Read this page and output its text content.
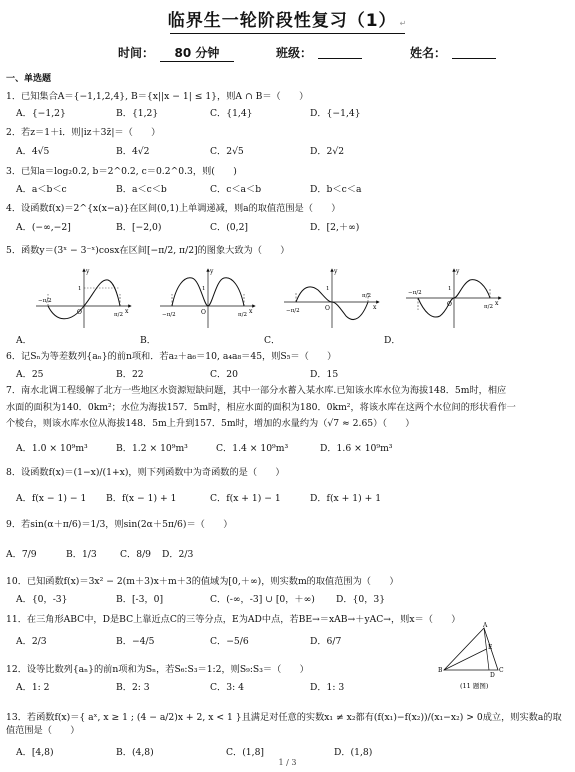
临界生一轮阶段性复习（1） ↵
时间：	80 分钟	班级：
	姓名：

一、单选题
1．已知集合A＝{−1,1,2,4}, B＝{x||x − 1| ≤ 1}，则A ∩ B＝（　　）
A．{−1,2}	B．{1,2}	C．{1,4}	D．{−1,4}
2．若z＝1＋i．则|iz＋3z̄|＝（　　）
A．4√5	B．4√2	C．2√5	D．2√2
3．已知a＝log₂0.2, b＝2^0.2, c＝0.2^0.3，则(　　)
A．a＜b＜c	B．a＜c＜b	C．c＜a＜b	D．b＜c＜a
4．设函数f(x)＝2^{x(x−a)}在区间(0,1)上单调递减，则a的取值范围是（　　）
A．(−∞,−2]	B．[−2,0)	C．(0,2]	D．[2,＋∞)
5．函数y＝(3ˣ − 3⁻ˣ)cosx在区间[−π/2, π/2]的图象大致为（　　）
y
x
O
−π/2
π/2
1
y
x
O
−π/2	π/2
1
y
x
O
−π/2
π/2
1
y
x
O
−π/2
π/2
1
A．	B．	C．	D．
6．记Sₙ为等差数列{aₙ}的前n项和．若a₂＋a₆＝10, a₄a₈＝45，则S₅＝（　　）
A．25	B．22	C．20	D．15
7．南水北调工程缓解了北方一些地区水资源短缺问题，其中一部分水蓄入某水库.已知该水库水位为海拔148．5m时，相应
水面的面积为140．0km²；水位为海拔157．5m时，相应水面的面积为180．0km²，将该水库在这两个水位间的形状看作一
个棱台，则该水库水位从海拔148．5m上升到157．5m时，增加的水量约为（√7 ≈ 2.65）（　　）
A．1.0 × 10⁹m³	B．1.2 × 10⁹m³	C．1.4 × 10⁹m³	D．1.6 × 10⁹m³
8．设函数f(x)＝(1−x)/(1+x)，则下列函数中为奇函数的是（　　）
A．f(x − 1) − 1 B．f(x − 1) + 1	C．f(x + 1) − 1	D．f(x + 1) + 1
9．若sin(α＋π/6)＝1/3，则sin(2α＋5π/6)＝（　　）
A．7/9	B．1/3	C．8/9 D．2/3
10．已知函数f(x)＝3x² − 2(m＋3)x＋m＋3的值域为[0,＋∞)，则实数m的取值范围为（　　）
A．{0，-3}	B．[-3，0]	C．(-∞，-3] ∪ [0，＋∞) D．{0，3}
11．在三角形ABC中，D是BC上靠近点C的三等分点，E为AD中点，若BE→＝xAB→＋yAC→，则x＝（　　）
A．2/3	B．−4/5	C．−5/6	D．6/7
A
B	C
D
E
(11 题图)
12．设等比数列{aₙ}的前n项和为Sₙ，若S₆:S₃＝1:2，则S₉:S₃＝（　　）
A．1: 2	B．2: 3	C．3: 4	D．1: 3
13．若函数f(x)＝{ aˣ, x ≥ 1 ; (4 − a/2)x + 2, x < 1 }且满足对任意的实数x₁ ≠ x₂都有(f(x₁)−f(x₂))/(x₁−x₂) > 0成立，则实数a的取值范围是（　　）
A．[4,8)	B．(4,8)	C．(1,8]	D．(1,8)
1 / 3
